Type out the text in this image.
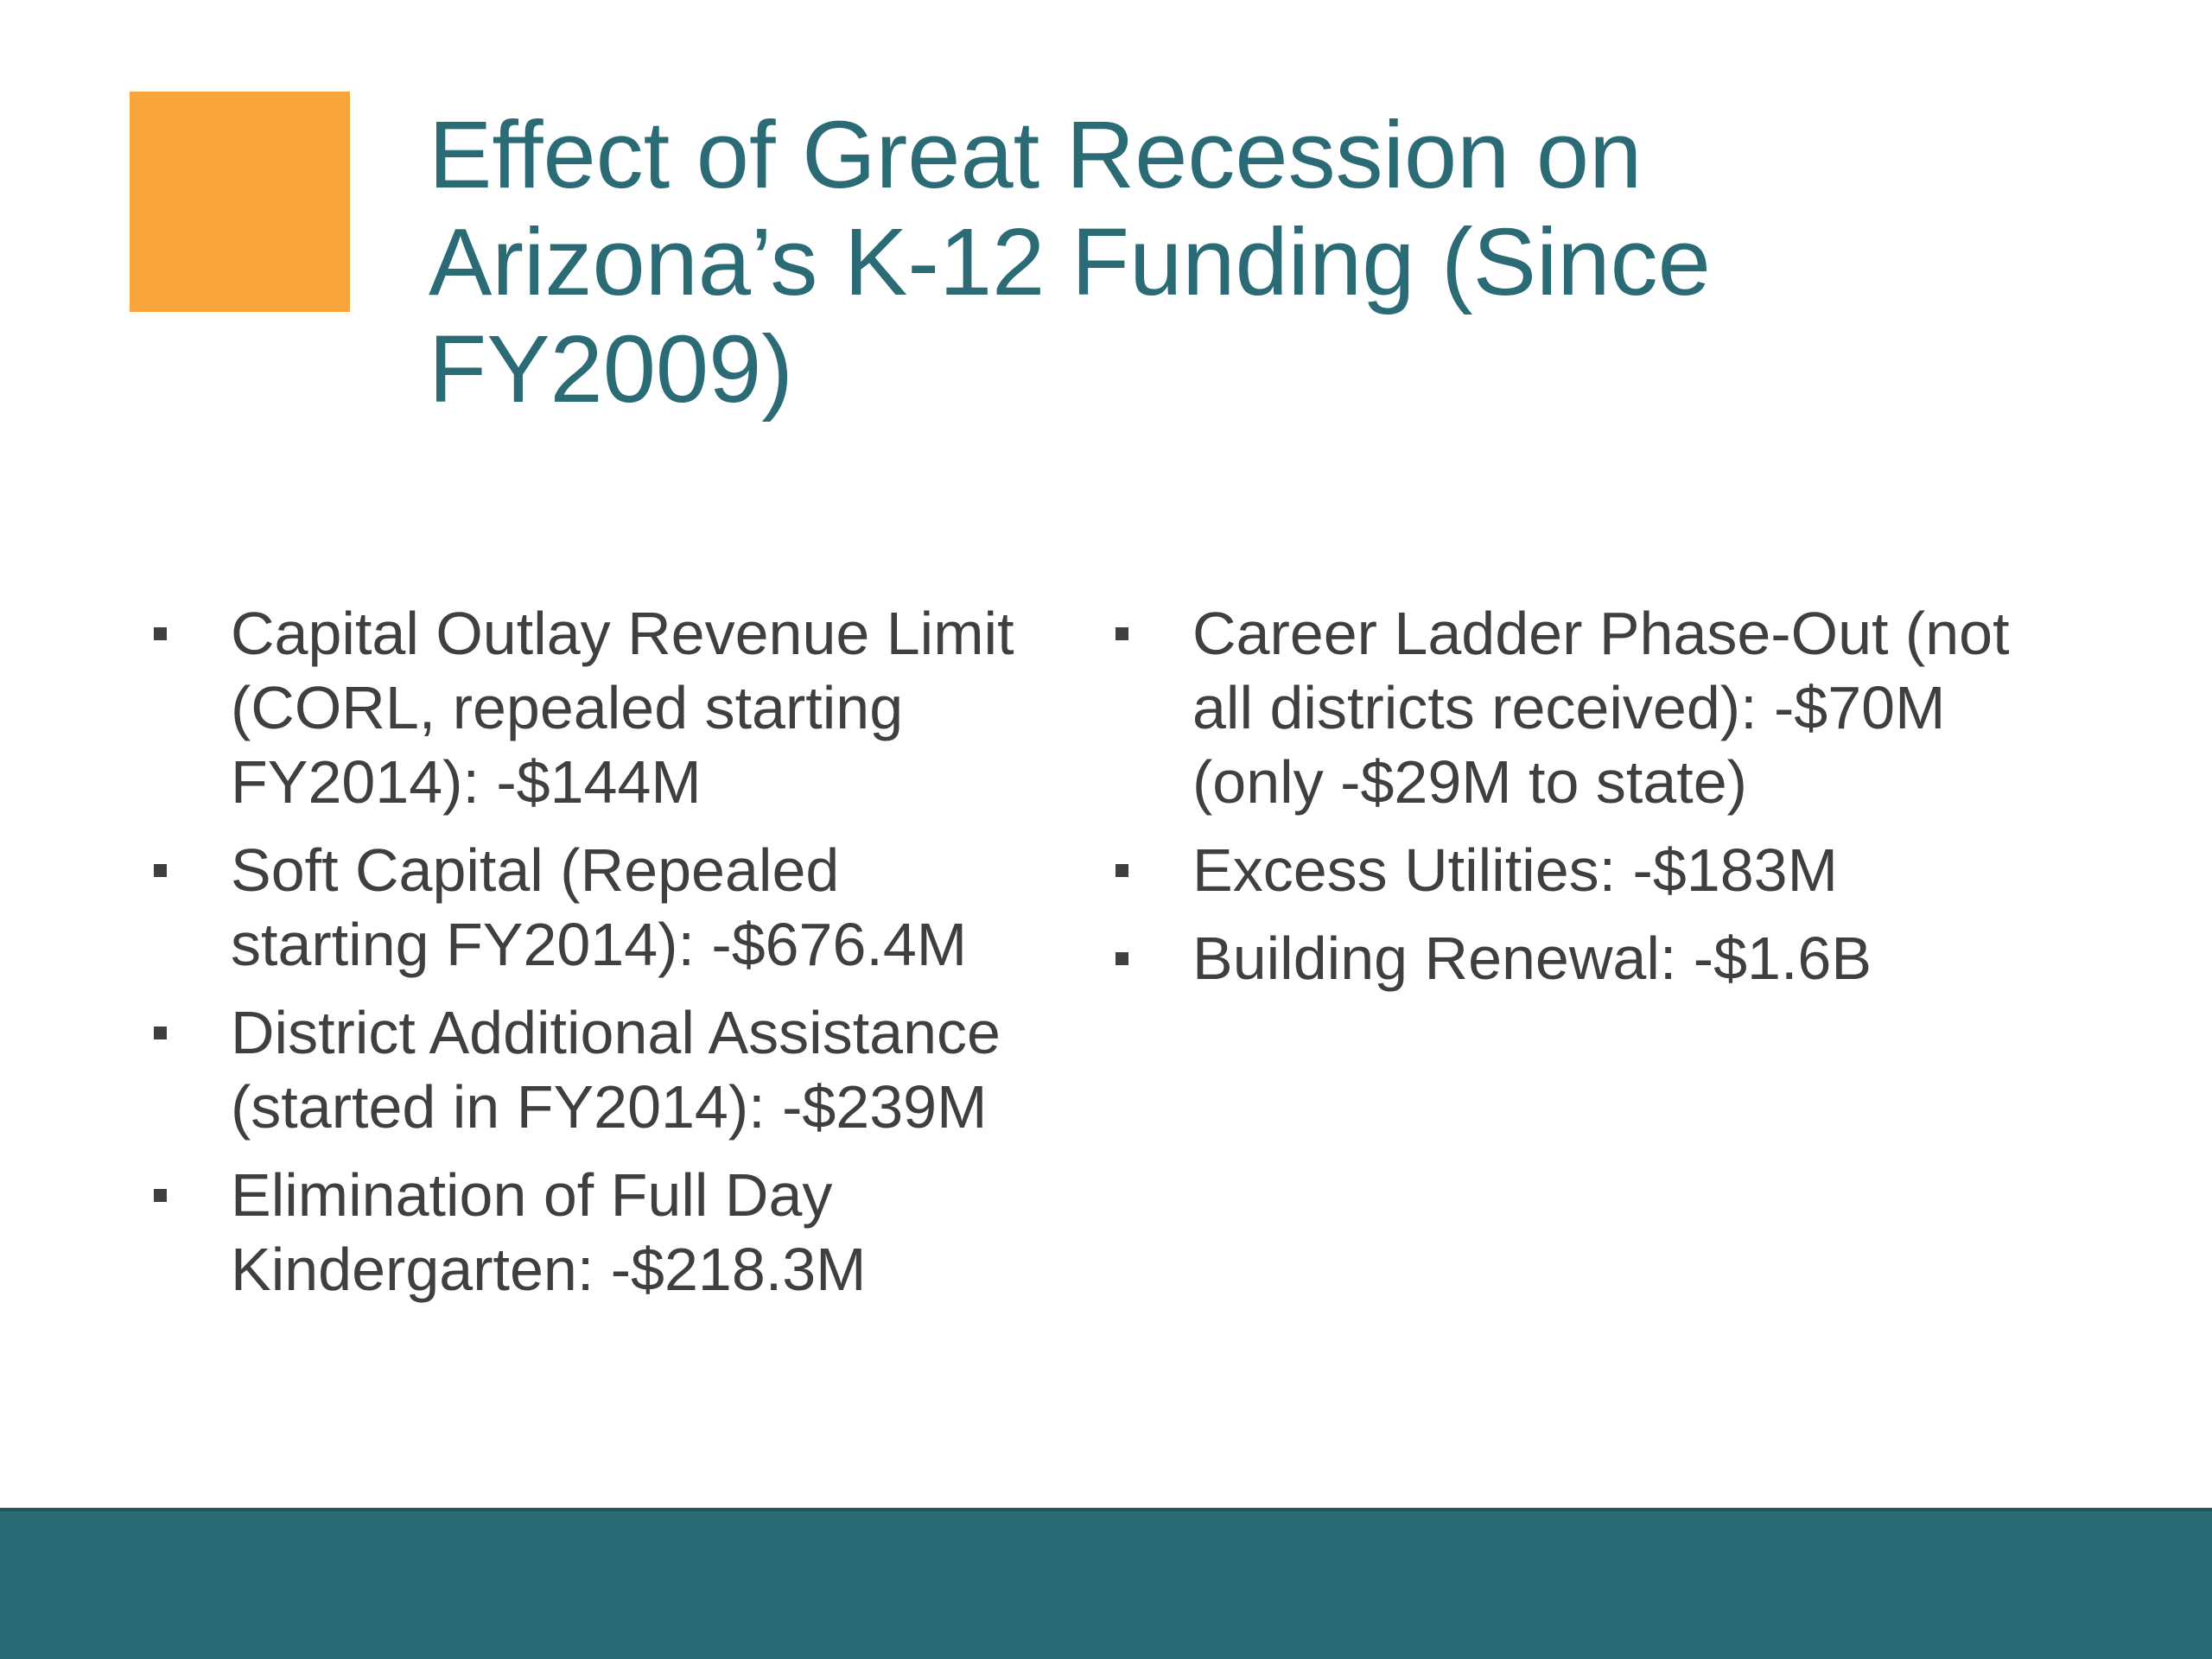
Effect of Great Recession on Arizona’s K-12 Funding (Since FY2009)
Capital Outlay Revenue Limit (CORL, repealed starting FY2014): -$144M
Soft Capital (Repealed starting FY2014): -$676.4M
District Additional Assistance (started in FY2014): -$239M
Elimination of Full Day Kindergarten: -$218.3M
Career Ladder Phase-Out (not all districts received): -$70M (only -$29M to state)
Excess Utilities: -$183M
Building Renewal: -$1.6B
